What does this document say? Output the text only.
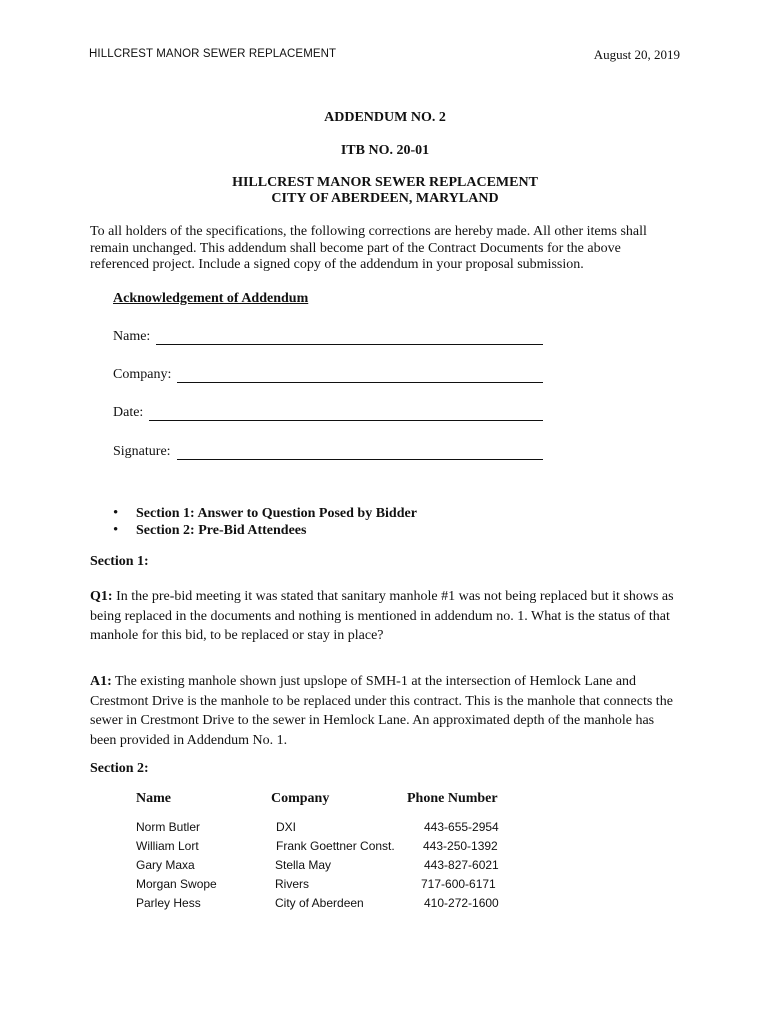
HILLCREST MANOR SEWER REPLACEMENT	August 20, 2019
ADDENDUM NO. 2
ITB NO. 20-01
HILLCREST MANOR SEWER REPLACEMENT
CITY OF ABERDEEN, MARYLAND
To all holders of the specifications, the following corrections are hereby made. All other items shall remain unchanged. This addendum shall become part of the Contract Documents for the above referenced project. Include a signed copy of the addendum in your proposal submission.
Acknowledgement of Addendum
Name:
Company:
Date:
Signature:
•	Section 1: Answer to Question Posed by Bidder
•	Section 2: Pre-Bid Attendees
Section 1:
Q1: In the pre-bid meeting it was stated that sanitary manhole #1 was not being replaced but it shows as being replaced in the documents and nothing is mentioned in addendum no. 1. What is the status of that manhole for this bid, to be replaced or stay in place?
A1: The existing manhole shown just upslope of SMH-1 at the intersection of Hemlock Lane and Crestmont Drive is the manhole to be replaced under this contract. This is the manhole that connects the sewer in Crestmont Drive to the sewer in Hemlock Lane. An approximated depth of the manhole has been provided in Addendum No. 1.
Section 2:
Name	Company	Phone Number
Norm Butler	DXI	443-655-2954
William Lort	Frank Goettner Const. 443-250-1392
Gary Maxa	Stella May	443-827-6021
Morgan Swope	Rivers	717-600-6171
Parley Hess	City of Aberdeen	410-272-1600
